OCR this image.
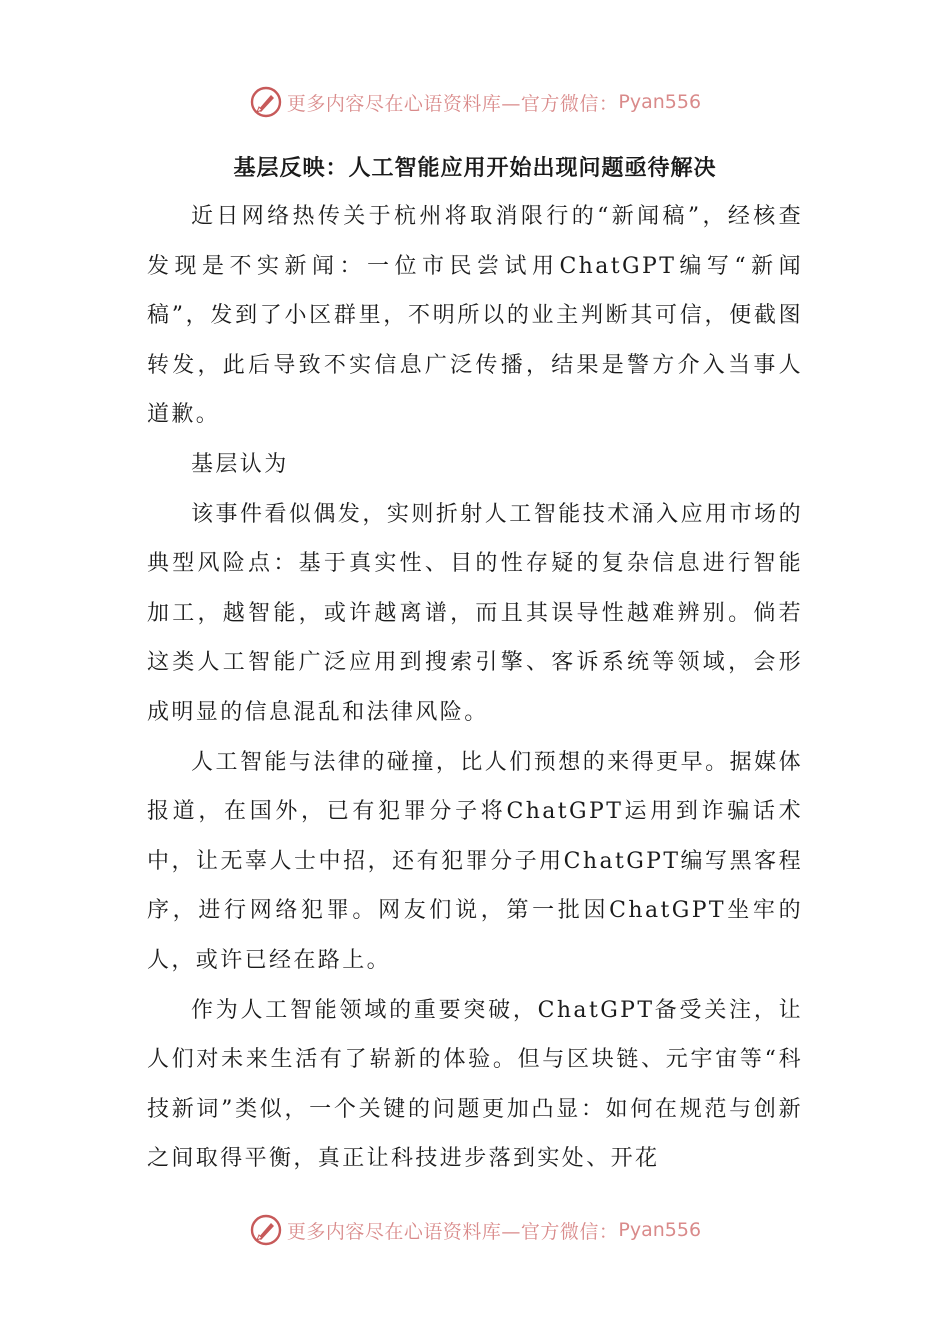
更多内容尽在心语资料库—官方微信： Pyan556

基层反映：人工智能应用开始出现问题亟待解决

近日网络热传关于杭州将取消限行的“新闻稿”，经核查发现是不实新闻：一位市民尝试用ChatGPT编写“新闻稿”，发到了小区群里，不明所以的业主判断其可信，便截图转发，此后导致不实信息广泛传播，结果是警方介入当事人道歉。

基层认为

该事件看似偶发，实则折射人工智能技术涌入应用市场的典型风险点：基于真实性、目的性存疑的复杂信息进行智能加工，越智能，或许越离谱，而且其误导性越难辨别。倘若这类人工智能广泛应用到搜索引擎、客诉系统等领域，会形成明显的信息混乱和法律风险。

人工智能与法律的碰撞，比人们预想的来得更早。据媒体报道，在国外，已有犯罪分子将ChatGPT运用到诈骗话术中，让无辜人士中招，还有犯罪分子用ChatGPT编写黑客程序，进行网络犯罪。网友们说，第一批因ChatGPT坐牢的人，或许已经在路上。

作为人工智能领域的重要突破，ChatGPT备受关注，让人们对未来生活有了崭新的体验。但与区块链、元宇宙等“科技新词”类似，一个关键的问题更加凸显：如何在规范与创新之间取得平衡，真正让科技进步落到实处、开花

更多内容尽在心语资料库—官方微信： Pyan556
